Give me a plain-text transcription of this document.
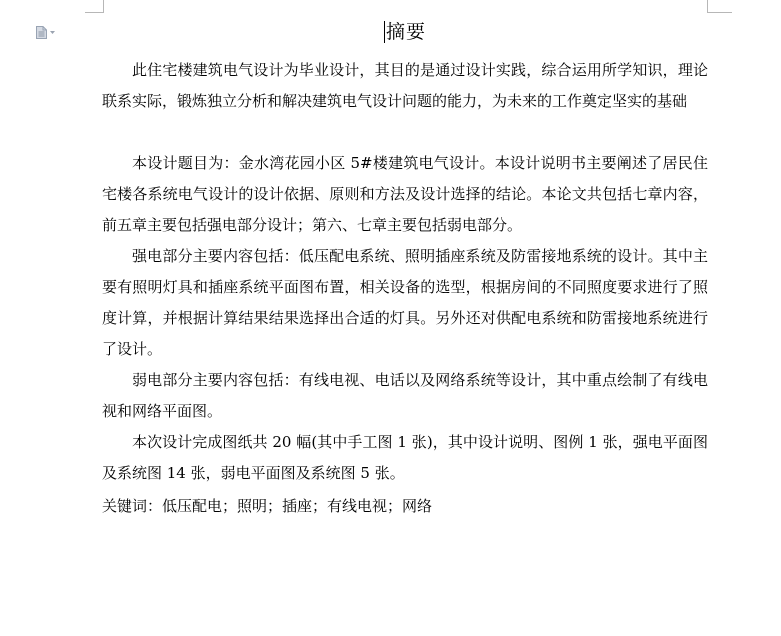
摘要
此住宅楼建筑电气设计为毕业设计，其目的是通过设计实践，综合运用所学知识，理论联系实际，锻炼独立分析和解决建筑电气设计问题的能力，为未来的工作奠定坚实的基础
本设计题目为：金水湾花园小区 5#楼建筑电气设计。本设计说明书主要阐述了居民住宅楼各系统电气设计的设计依据、原则和方法及设计选择的结论。本论文共包括七章内容，前五章主要包括强电部分设计；第六、七章主要包括弱电部分。
强电部分主要内容包括：低压配电系统、照明插座系统及防雷接地系统的设计。其中主要有照明灯具和插座系统平面图布置，相关设备的选型，根据房间的不同照度要求进行了照度计算，并根据计算结果结果选择出合适的灯具。另外还对供配电系统和防雷接地系统进行了设计。
弱电部分主要内容包括：有线电视、电话以及网络系统等设计，其中重点绘制了有线电视和网络平面图。
本次设计完成图纸共 20 幅(其中手工图 1 张)，其中设计说明、图例 1 张，强电平面图及系统图 14 张，弱电平面图及系统图 5 张。
关键词：低压配电；照明；插座；有线电视；网络
